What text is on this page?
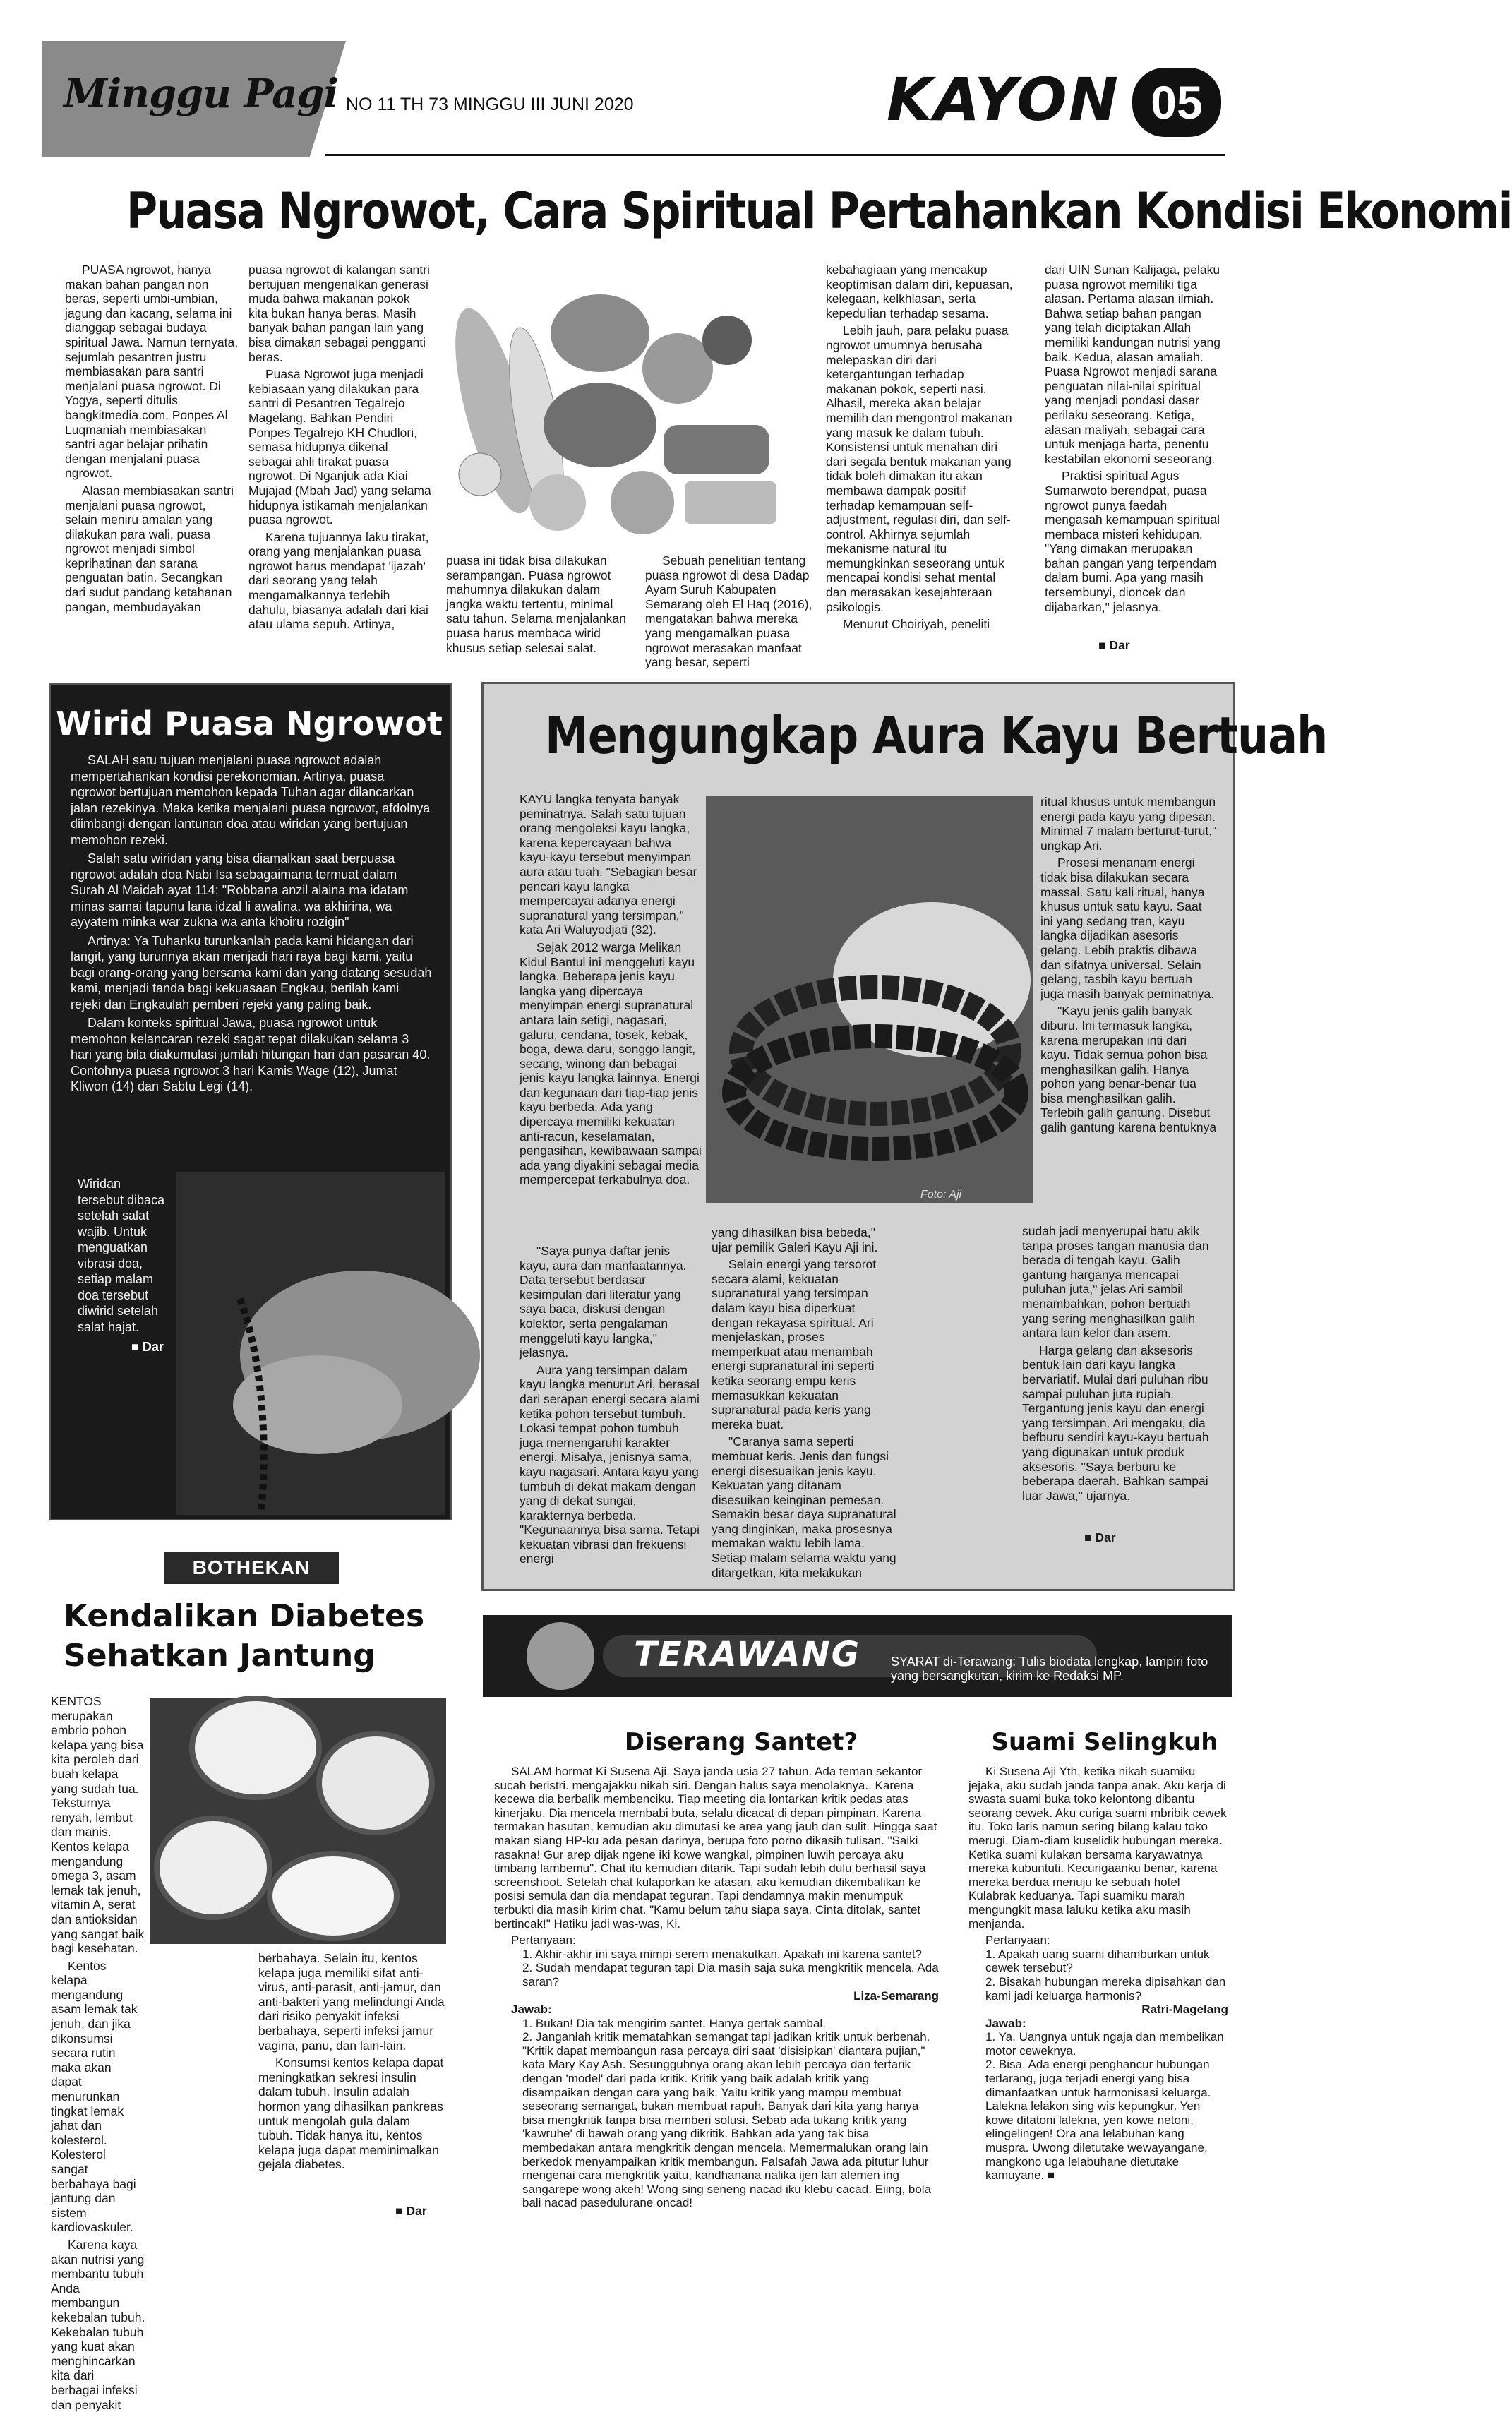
Minggu Pagi NO 11 TH 73 MINGGU III JUNI 2020	KAYON 05
Puasa Ngrowot, Cara Spiritual Pertahankan Kondisi Ekonomi

PUASA ngrowot, hanya makan bahan pangan non beras, seperti umbi-umbian, jagung dan kacang, selama ini dianggap sebagai budaya spiritual Jawa. Namun ternyata, sejumlah pesantren justru membiasakan para santri menjalani puasa ngrowot. Di Yogya, seperti ditulis bangkitmedia.com, Ponpes Al Luqmaniah membiasakan santri agar belajar prihatin dengan menjalani puasa ngrowot.

Alasan membiasakan santri menjalani puasa ngrowot, selain meniru amalan yang dilakukan para wali, puasa ngrowot menjadi simbol keprihatinan dan sarana penguatan batin. Secangkan dari sudut pandang ketahanan pangan, membudayakan

puasa ngrowot di kalangan santri bertujuan mengenalkan generasi muda bahwa makanan pokok kita bukan hanya beras. Masih banyak bahan pangan lain yang bisa dimakan sebagai pengganti beras.

Puasa Ngrowot juga menjadi kebiasaan yang dilakukan para santri di Pesantren Tegalrejo Magelang. Bahkan Pendiri Ponpes Tegalrejo KH Chudlori, semasa hidupnya dikenal sebagai ahli tirakat puasa ngrowot. Di Nganjuk ada Kiai Mujajad (Mbah Jad) yang selama hidupnya istikamah menjalankan puasa ngrowot.

Karena tujuannya laku tirakat, orang yang menjalankan puasa ngrowot harus mendapat 'ijazah' dari seorang yang telah mengamalkannya terlebih dahulu, biasanya adalah dari kiai atau ulama sepuh. Artinya,

puasa ini tidak bisa dilakukan serampangan. Puasa ngrowot mahumnya dilakukan dalam jangka waktu tertentu, minimal satu tahun. Selama menjalankan puasa harus membaca wirid khusus setiap selesai salat.

Sebuah penelitian tentang puasa ngrowot di desa Dadap Ayam Suruh Kabupaten Semarang oleh El Haq (2016), mengatakan bahwa mereka yang mengamalkan puasa ngrowot merasakan manfaat yang besar, seperti

kebahagiaan yang mencakup keoptimisan dalam diri, kepuasan, kelegaan, kelkhlasan, serta kepeduIian terhadap sesama.

Lebih jauh, para pelaku puasa ngrowot umumnya berusaha melepaskan diri dari ketergantungan terhadap makanan pokok, seperti nasi. Alhasil, mereka akan belajar memilih dan mengontrol makanan yang masuk ke dalam tubuh. Konsistensi untuk menahan diri dari segala bentuk makanan yang tidak boleh dimakan itu akan membawa dampak positif terhadap kemampuan self-adjustment, regulasi diri, dan self-control. Akhirnya sejumlah mekanisme natural itu memungkinkan seseorang untuk mencapai kondisi sehat mental dan merasakan kesejahteraan psikologis.

Menurut Choiriyah, peneliti

dari UIN Sunan Kalijaga, pelaku puasa ngrowot memiliki tiga alasan. Pertama alasan ilmiah. Bahwa setiap bahan pangan yang telah diciptakan Allah memiliki kandungan nutrisi yang baik. Kedua, alasan amaliah. Puasa Ngrowot menjadi sarana penguatan nilai-nilai spiritual yang menjadi pondasi dasar perilaku seseorang. Ketiga, alasan maliyah, sebagai cara untuk menjaga harta, penentu kestabilan ekonomi seseorang.

Praktisi spiritual Agus Sumarwoto berendpat, puasa ngrowot punya faedah mengasah kemampuan spiritual membaca misteri kehidupan. "Yang dimakan merupakan bahan pangan yang terpendam dalam bumi. Apa yang masih tersembunyi, dioncek dan dijabarkan," jelasnya.

■ Dar
Wirid Puasa Ngrowot

SALAH satu tujuan menjalani puasa ngrowot adalah mempertahankan kondisi perekonomian. Artinya, puasa ngrowot bertujuan memohon kepada Tuhan agar dilancarkan jalan rezekinya. Maka ketika menjalani puasa ngrowot, afdolnya diimbangi dengan lantunan doa atau wiridan yang bertujuan memohon rezeki.

Salah satu wiridan yang bisa diamalkan saat berpuasa ngrowot adalah doa Nabi Isa sebagaimana termuat dalam Surah Al Maidah ayat 114: "Robbana anzil alaina ma idatam minas samai tapunu lana idzal li awalina, wa akhirina, wa ayyatem minka war zukna wa anta khoiru rozigin"

Artinya: Ya Tuhanku turunkanlah pada kami hidangan dari langit, yang turunnya akan menjadi hari raya bagi kami, yaitu bagi orang-orang yang bersama kami dan yang datang sesudah kami, menjadi tanda bagi kekuasaan Engkau, berilah kami rejeki dan Engkaulah pemberi rejeki yang paling baik.

Dalam konteks spiritual Jawa, puasa ngrowot untuk memohon kelancaran rezeki sagat tepat dilakukan selama 3 hari yang bila diakumulasi jumlah hitungan hari dan pasaran 40. Contohnya puasa ngrowot 3 hari Kamis Wage (12), Jumat Kliwon (14) dan Sabtu Legi (14).

Wiridan tersebut dibaca setelah salat wajib. Untuk menguatkan vibrasi doa, setiap malam doa tersebut diwirid setelah salat hajat.

■ Dar
Mengungkap Aura Kayu Bertuah

KAYU langka tenyata banyak peminatnya. Salah satu tujuan orang mengoleksi kayu langka, karena kepercayaan bahwa kayu-kayu tersebut menyimpan aura atau tuah. "Sebagian besar pencari kayu langka mempercayai adanya energi supranatural yang tersimpan," kata Ari Waluyodjati (32).

Sejak 2012 warga Melikan Kidul Bantul ini menggeluti kayu langka. Beberapa jenis kayu langka yang dipercaya menyimpan energi supranatural antara lain setigi, nagasari, galuru, cendana, tosek, kebak, boga, dewa daru, songgo langit, secang, winong dan bebagai jenis kayu langka lainnya. Energi dan kegunaan dari tiap-tiap jenis kayu berbeda. Ada yang dipercaya memiliki kekuatan anti-racun, keselamatan, pengasihan, kewibawaan sampai ada yang diyakini sebagai media mempercepat terkabulnya doa.

Foto: Aji

"Saya punya daftar jenis kayu, aura dan manfaatannya. Data tersebut berdasar kesimpulan dari literatur yang saya baca, diskusi dengan kolektor, serta pengalaman menggeluti kayu langka," jelasnya.

Aura yang tersimpan dalam kayu langka menurut Ari, berasal dari serapan energi secara alami ketika pohon tersebut tumbuh. Lokasi tempat pohon tumbuh juga memengaruhi karakter energi. Misalya, jenisnya sama, kayu nagasari. Antara kayu yang tumbuh di dekat makam dengan yang di dekat sungai, karakternya berbeda. "Kegunaannya bisa sama. Tetapi kekuatan vibrasi dan frekuensi energi

yang dihasilkan bisa bebeda," ujar pemilik Galeri Kayu Aji ini.

Selain energi yang tersorot secara alami, kekuatan supranatural yang tersimpan dalam kayu bisa diperkuat dengan rekayasa spiritual. Ari menjelaskan, proses memperkuat atau menambah energi supranatural ini seperti ketika seorang empu keris memasukkan kekuatan supranatural pada keris yang mereka buat.

"Caranya sama seperti membuat keris. Jenis dan fungsi energi disesuaikan jenis kayu. Kekuatan yang ditanam disesuikan keinginan pemesan. Semakin besar daya supranatural yang dinginkan, maka prosesnya memakan waktu lebih lama. Setiap malam selama waktu yang ditargetkan, kita melakukan

ritual khusus untuk membangun energi pada kayu yang dipesan. Minimal 7 malam berturut-turut," ungkap Ari.

Prosesi menanam energi tidak bisa dilakukan secara massal. Satu kali ritual, hanya khusus untuk satu kayu. Saat ini yang sedang tren, kayu langka dijadikan asesoris gelang. Lebih praktis dibawa dan sifatnya universal. Selain gelang, tasbih kayu bertuah juga masih banyak peminatnya.

"Kayu jenis galih banyak diburu. Ini termasuk langka, karena merupakan inti dari kayu. Tidak semua pohon bisa menghasilkan galih. Hanya pohon yang benar-benar tua bisa menghasilkan galih. Terlebih galih gantung. Disebut galih gantung karena bentuknya

sudah jadi menyerupai batu akik tanpa proses tangan manusia dan berada di tengah kayu. Galih gantung harganya mencapai puluhan juta," jelas Ari sambil menambahkan, pohon bertuah yang sering menghasilkan galih antara lain kelor dan asem.

Harga gelang dan aksesoris bentuk lain dari kayu langka bervariatif. Mulai dari puluhan ribu sampai puluhan juta rupiah. Tergantung jenis kayu dan energi yang tersimpan. Ari mengaku, dia befburu sendiri kayu-kayu bertuah yang digunakan untuk produk aksesoris. "Saya berburu ke beberapa daerah. Bahkan sampai luar Jawa," ujarnya.

■ Dar
BOTHEKAN
Kendalikan Diabetes
Sehatkan Jantung

KENTOS merupakan embrio pohon kelapa yang bisa kita peroleh dari buah kelapa yang sudah tua. Teksturnya renyah, lembut dan manis. Kentos kelapa mengandung omega 3, asam lemak tak jenuh, vitamin A, serat dan antioksidan yang sangat baik bagi kesehatan.

Kentos kelapa mengandung asam lemak tak jenuh, dan jika dikonsumsi secara rutin maka akan dapat menurunkan tingkat lemak jahat dan kolesterol. Kolesterol sangat berbahaya bagi jantung dan sistem kardiovaskuler.

Karena kaya akan nutrisi yang membantu tubuh Anda membangun kekebalan tubuh. Kekebalan tubuh yang kuat akan menghincarkan kita dari berbagai infeksi dan penyakit

berbahaya. Selain itu, kentos kelapa juga memiliki sifat anti-virus, anti-parasit, anti-jamur, dan anti-bakteri yang melindungi Anda dari risiko penyakit infeksi berbahaya, seperti infeksi jamur vagina, panu, dan lain-lain.

Konsumsi kentos kelapa dapat meningkatkan sekresi insulin dalam tubuh. Insulin adalah hormon yang dihasilkan pankreas untuk mengolah gula dalam tubuh. Tidak hanya itu, kentos kelapa juga dapat meminimalkan gejala diabetes.

■ Dar
TERAWANG SYARAT di-Terawang: Tulis biodata lengkap, lampiri foto yang bersangkutan, kirim ke Redaksi MP.
Diserang Santet?

SALAM hormat Ki Susena Aji. Saya janda usia 27 tahun. Ada teman sekantor sucah beristri. mengajakku nikah siri. Dengan halus saya menolaknya.. Karena kecewa dia berbalik membenciku. Tiap meeting dia lontarkan kritik pedas atas kinerjaku. Dia mencela membabi buta, selalu dicacat di depan pimpinan. Karena termakan hasutan, kemudian aku dimutasi ke area yang jauh dan sulit. Hingga saat makan siang HP-ku ada pesan darinya, berupa foto porno dikasih tulisan. "Saiki rasakna! Gur arep dijak ngene iki kowe wangkal, pimpinen luwih percaya aku timbang lambemu". Chat itu kemudian ditarik. Tapi sudah lebih dulu berhasil saya screenshoot. Setelah chat kulaporkan ke atasan, aku kemudian dikembalikan ke posisi semula dan dia mendapat teguran. Tapi dendamnya makin menumpuk terbukti dia masih kirim chat. "Kamu belum tahu siapa saya. Cinta ditolak, santet bertincak!" Hatiku jadi was-was, Ki.

Pertanyaan:
1. Akhir-akhir ini saya mimpi serem menakutkan. Apakah ini karena santet?
2. Sudah mendapat teguran tapi Dia masih saja suka mengkritik mencela. Ada saran?
Liza-Semarang
Jawab:
1. Bukan! Dia tak mengirim santet. Hanya gertak sambal.
2. Janganlah kritik mematahkan semangat tapi jadikan kritik untuk berbenah. "Kritik dapat membangun rasa percaya diri saat 'disisipkan' diantara pujian," kata Mary Kay Ash. Sesungguhnya orang akan lebih percaya dan tertarik dengan 'model' dari pada kritik. Kritik yang baik adalah kritik yang disampaikan dengan cara yang baik. Yaitu kritik yang mampu membuat seseorang semangat, bukan membuat rapuh. Banyak dari kita yang hanya bisa mengkritik tanpa bisa memberi solusi. Sebab ada tukang kritik yang 'kawruhe' di bawah orang yang dikritik. Bahkan ada yang tak bisa membedakan antara mengkritik dengan mencela. Memermalukan orang lain berkedok menyampaikan kritik membangun. Falsafah Jawa ada pitutur luhur mengenai cara mengkritik yaitu, kandhanana nalika ijen lan alemen ing sangarepe wong akeh! Wong sing seneng nacad iku klebu cacad. Eiing, bola bali nacad pasedulurane oncad!
Suami Selingkuh

Ki Susena Aji Yth, ketika nikah suamiku jejaka, aku sudah janda tanpa anak. Aku kerja di swasta suami buka toko kelontong dibantu seorang cewek. Aku curiga suami mbribik cewek itu. Toko laris namun sering bilang kalau toko merugi. Diam-diam kuselidik hubungan mereka. Ketika suami kulakan bersama karyawatnya mereka kubuntuti. Kecurigaanku benar, karena mereka berdua menuju ke sebuah hotel Kulabrak keduanya. Tapi suamiku marah mengungkit masa laluku ketika aku masih menjanda.

Pertanyaan:
1. Apakah uang suami dihamburkan untuk cewek tersebut?
2. Bisakah hubungan mereka dipisahkan dan kami jadi keluarga harmonis?
Ratri-Magelang
Jawab:
1. Ya. Uangnya untuk ngaja dan membelikan motor ceweknya.
2. Bisa. Ada energi penghancur hubungan terlarang, juga terjadi energi yang bisa dimanfaatkan untuk harmonisasi keluarga. Lalekna lelakon sing wis kepungkur. Yen kowe ditatoni lalekna, yen kowe netoni, elingelingen! Ora ana lelabuhan kang muspra. Uwong diletutake wewayangane, mangkono uga lelabuhane dietutake kamuyane. ■
